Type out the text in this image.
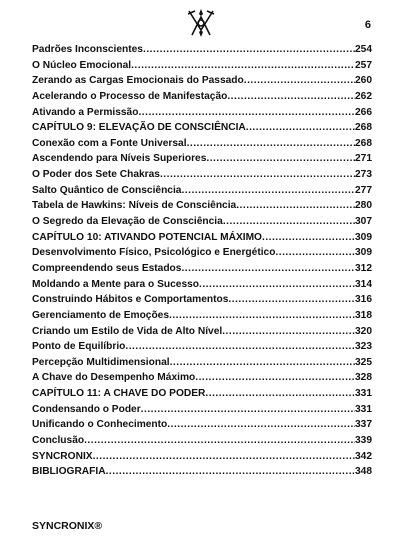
6
Padrões Inconscientes .....	254
O Núcleo Emocional .....	257
Zerando as Cargas Emocionais do Passado .....	260
Acelerando o Processo de Manifestação .....	262
Ativando a Permissão .....	266
CAPÍTULO 9: ELEVAÇÃO DE CONSCIÊNCIA .....	268
Conexão com a Fonte Universal .....	268
Ascendendo para Níveis Superiores .....	271
O Poder dos Sete Chakras .....	273
Salto Quântico de Consciência .....	277
Tabela de Hawkins: Níveis de Consciência .....	280
O Segredo da Elevação de Consciência .....	307
CAPÍTULO 10: ATIVANDO POTENCIAL MÁXIMO .....	309
Desenvolvimento Físico, Psicológico e Energético .....	309
Compreendendo seus Estados .....	312
Moldando a Mente para o Sucesso .....	314
Construindo Hábitos e Comportamentos .....	316
Gerenciamento de Emoções .....	318
Criando um Estilo de Vida de Alto Nível .....	320
Ponto de Equilíbrio .....	323
Percepção Multidimensional .....	325
A Chave do Desempenho Máximo .....	328
CAPÍTULO 11: A CHAVE DO PODER .....	331
Condensando o Poder .....	331
Unificando o Conhecimento .....	337
Conclusão .....	339
SYNCRONIX .....	342
BIBLIOGRAFIA .....	348
SYNCRONIX®
